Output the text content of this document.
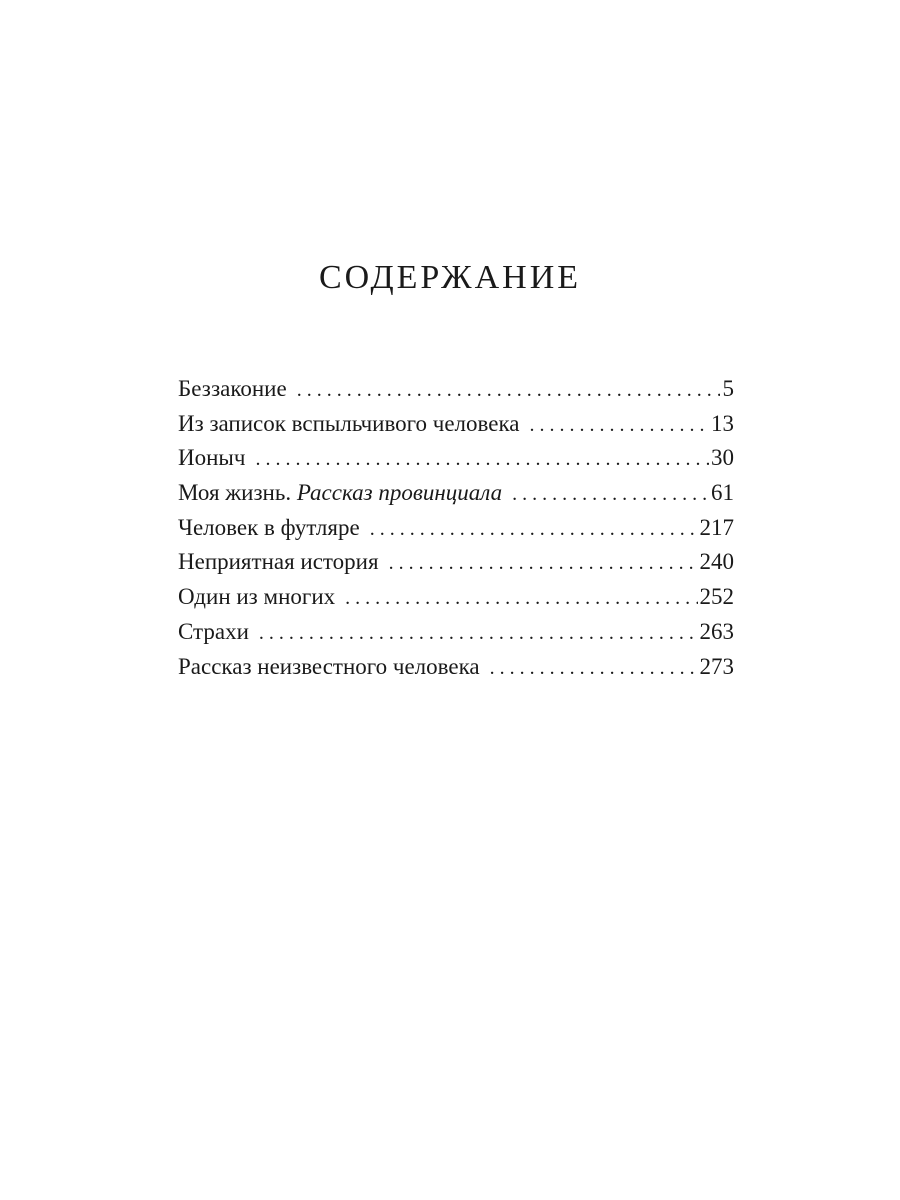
СОДЕРЖАНИЕ
Беззаконие . . .	5
Из записок вспыльчивого человека . . .	13
Ионыч . . .	30
Моя жизнь. Рассказ провинциала . . .	61
Человек в футляре . . .	217
Неприятная история . . .	240
Один из многих . . .	252
Страхи . . .	263
Рассказ неизвестного человека . . .	273
